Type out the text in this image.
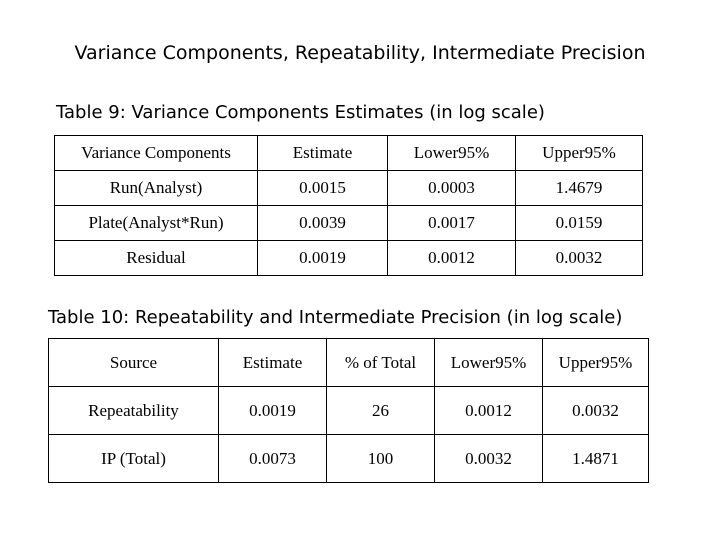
Variance Components, Repeatability, Intermediate Precision
Table 9: Variance Components Estimates (in log scale)
Variance Components	Estimate	Lower95%	Upper95%
Run(Analyst)	0.0015	0.0003	1.4679
Plate(Analyst*Run)	0.0039	0.0017	0.0159
Residual	0.0019	0.0012	0.0032
Table 10: Repeatability and Intermediate Precision (in log scale)
Source	Estimate	% of Total	Lower95%	Upper95%
Repeatability	0.0019	26	0.0012	0.0032
IP (Total)	0.0073	100	0.0032	1.4871
